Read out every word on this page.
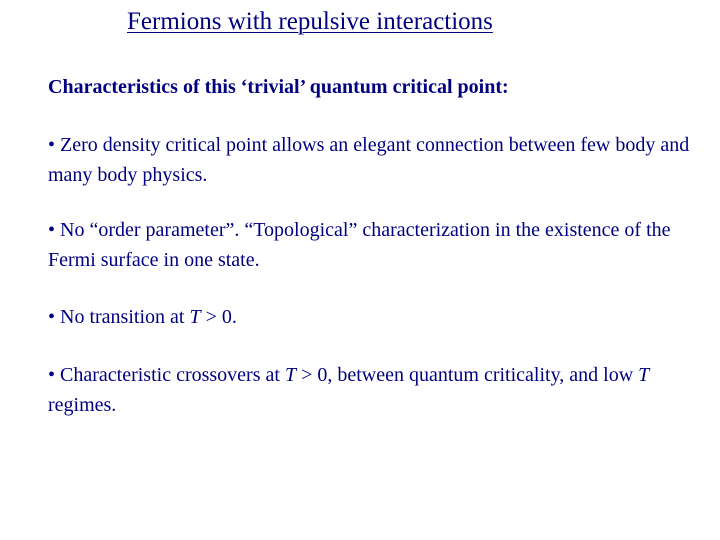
Fermions with repulsive interactions
Characteristics of this ‘trivial’ quantum critical point:
• Zero density critical point allows an elegant connection between few body and many body physics.
• No “order parameter”. “Topological” characterization in the existence of the Fermi surface in one state.
• No transition at T > 0.
• Characteristic crossovers at T > 0, between quantum criticality, and low T regimes.
